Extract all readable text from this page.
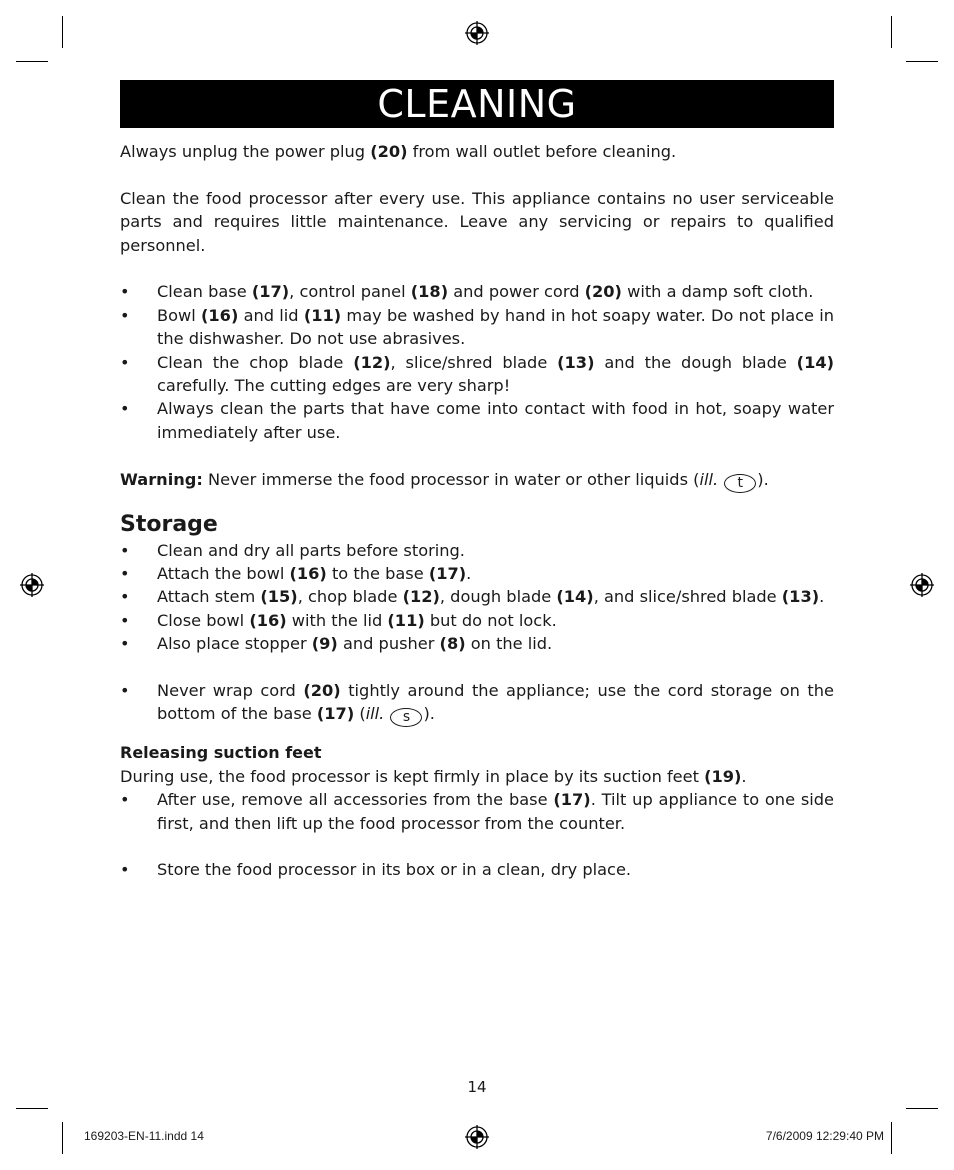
CLEANING

Always unplug the power plug (20) from wall outlet before cleaning.

Clean the food processor after every use. This appliance contains no user serviceable parts and requires little maintenance. Leave any servicing or repairs to qualified personnel.

• Clean base (17), control panel (18) and power cord (20) with a damp soft cloth.
• Bowl (16) and lid (11) may be washed by hand in hot soapy water. Do not place in the dishwasher. Do not use abrasives.
• Clean the chop blade (12), slice/shred blade (13) and the dough blade (14) carefully. The cutting edges are very sharp!
• Always clean the parts that have come into contact with food in hot, soapy water immediately after use.

Warning: Never immerse the food processor in water or other liquids (ill. t ).

Storage
• Clean and dry all parts before storing.
• Attach the bowl (16) to the base (17).
• Attach stem (15), chop blade (12), dough blade (14), and slice/shred blade (13).
• Close bowl (16) with the lid (11) but do not lock.
• Also place stopper (9) and pusher (8) on the lid.
• Never wrap cord (20) tightly around the appliance; use the cord storage on the bottom of the base (17) (ill. s ).
Releasing suction feet

During use, the food processor is kept firmly in place by its suction feet (19).

• After use, remove all accessories from the base (17). Tilt up appliance to one side first, and then lift up the food processor from the counter.
• Store the food processor in its box or in a clean, dry place.
14
169203-EN-11.indd 14	7/6/2009 12:29:40 PM
